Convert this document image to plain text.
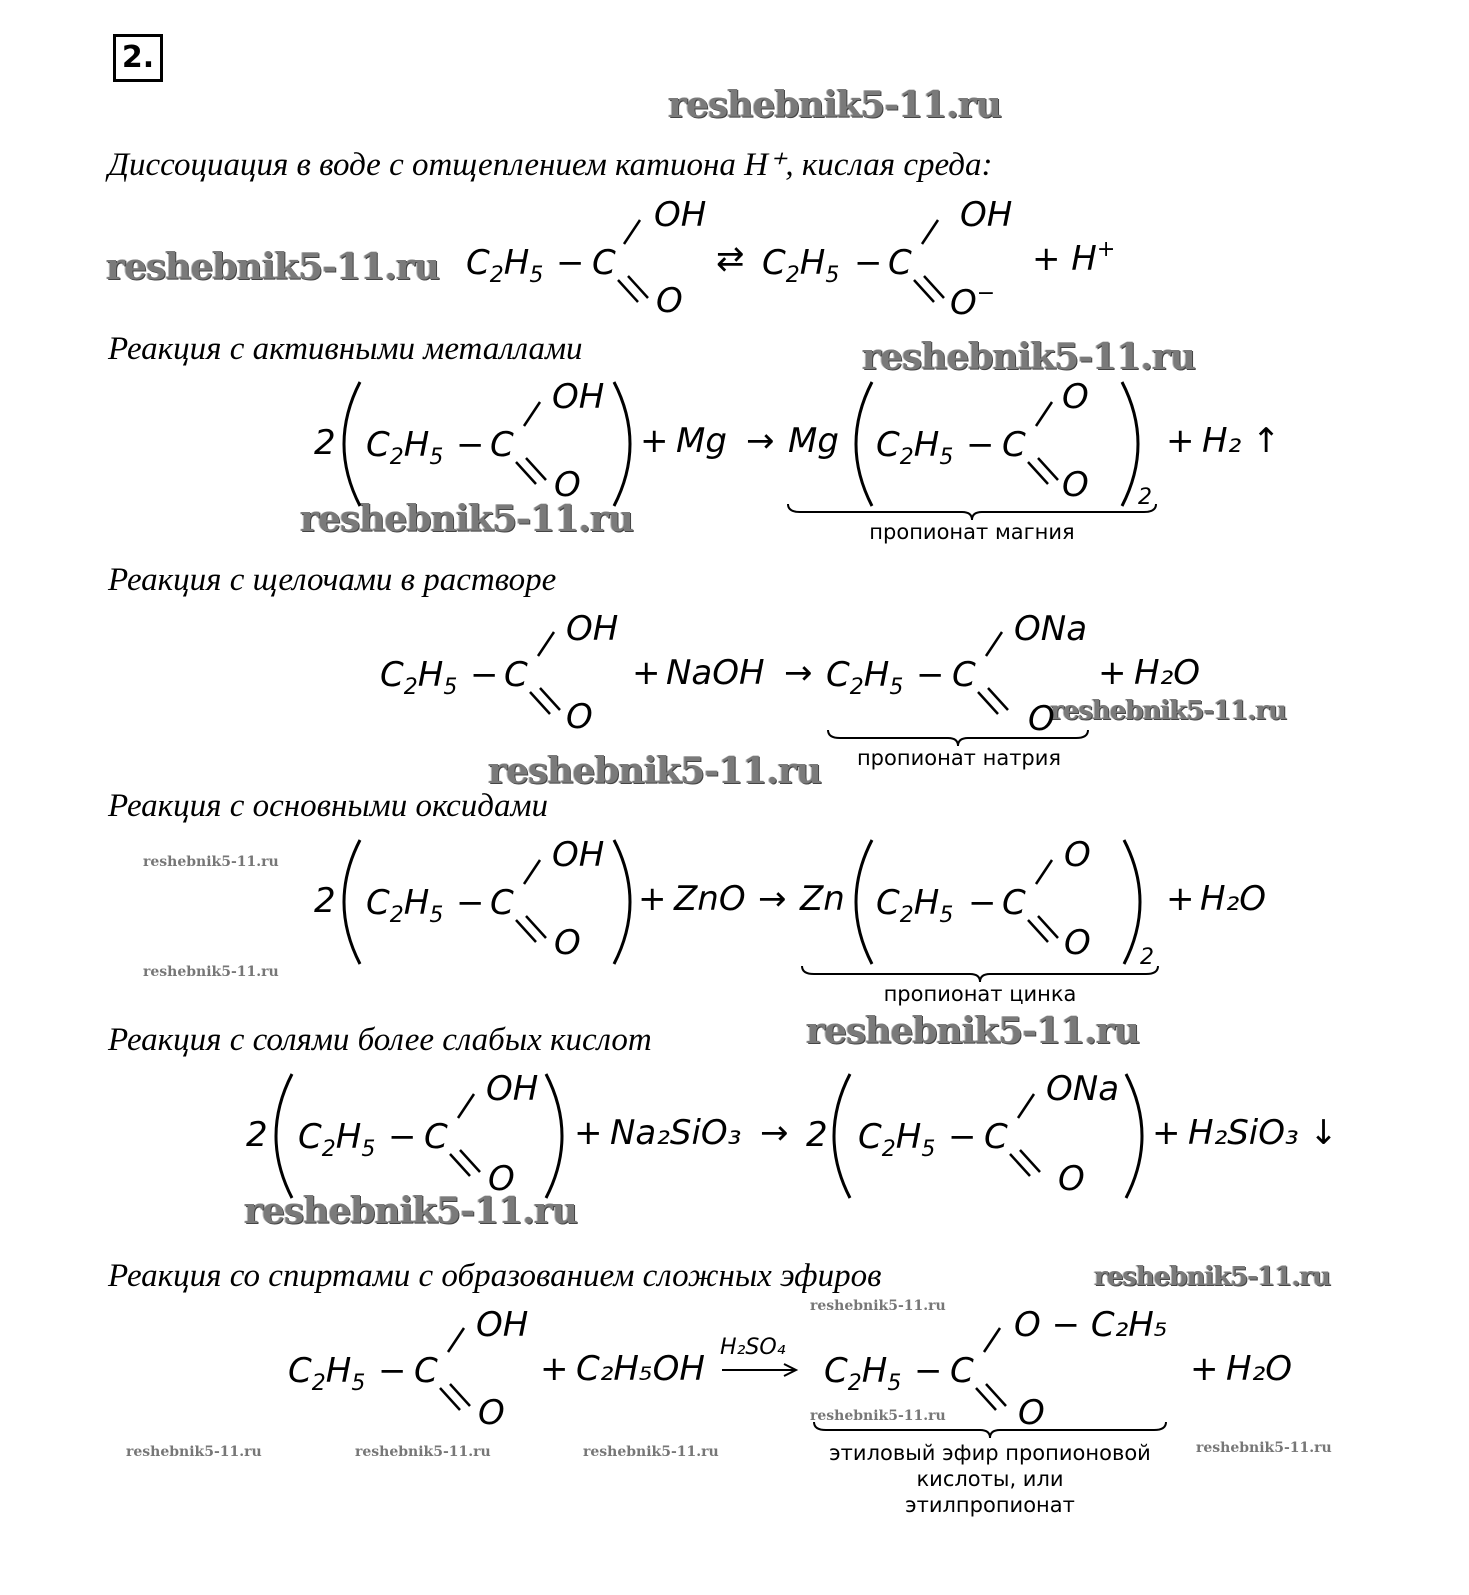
2.
reshebnik5-11.ru
reshebnik5-11.ru
reshebnik5-11.ru
reshebnik5-11.ru
reshebnik5-11.ru
reshebnik5-11.ru
reshebnik5-11.ru
reshebnik5-11.ru
reshebnik5-11.ru
reshebnik5-11.ru
reshebnik5-11.ru
reshebnik5-11.ru
reshebnik5-11.ru
reshebnik5-11.ru	reshebnik5-11.ru	reshebnik5-11.ru	reshebnik5-11.ru
Диссоциация в воде с отщеплением катиона H⁺, кислая среда:
Реакция с активными металлами
Реакция с щелочами в растворе
Реакция с основными оксидами
Реакция с солями более слабых кислот
Реакция со спиртами с образованием сложных эфиров
$C_2H_5 - C$
OH
O
⇄ $C_2H_5 - C$
OH
O−
+ H+
2 $C_2H_5 - C$
OH
O
+ Mg → Mg $C_2H_5 - C$
O
O 2
+ H₂ ↑
пропионат магния
$C_2H_5 - C$
OH
O
+ NaOH → $C_2H_5 - C$
ONa
O
+ H₂O
пропионат натрия
2 $C_2H_5 - C$
OH
O
+ ZnO → Zn $C_2H_5 - C$
O
O 2
+ H₂O
пропионат цинка
2 $C_2H_5 - C$
OH
O
+ Na₂SiO₃ → 2 $C_2H_5 - C$
ONa
O
+ H₂SiO₃ ↓
$C_2H_5 - C$
OH
O
+ C₂H₅OH
H₂SO₄
$C_2H_5 - C$
O − C₂H₅
O
+ H₂O
этиловый эфир пропионовой
кислоты, или
этилпропионат
